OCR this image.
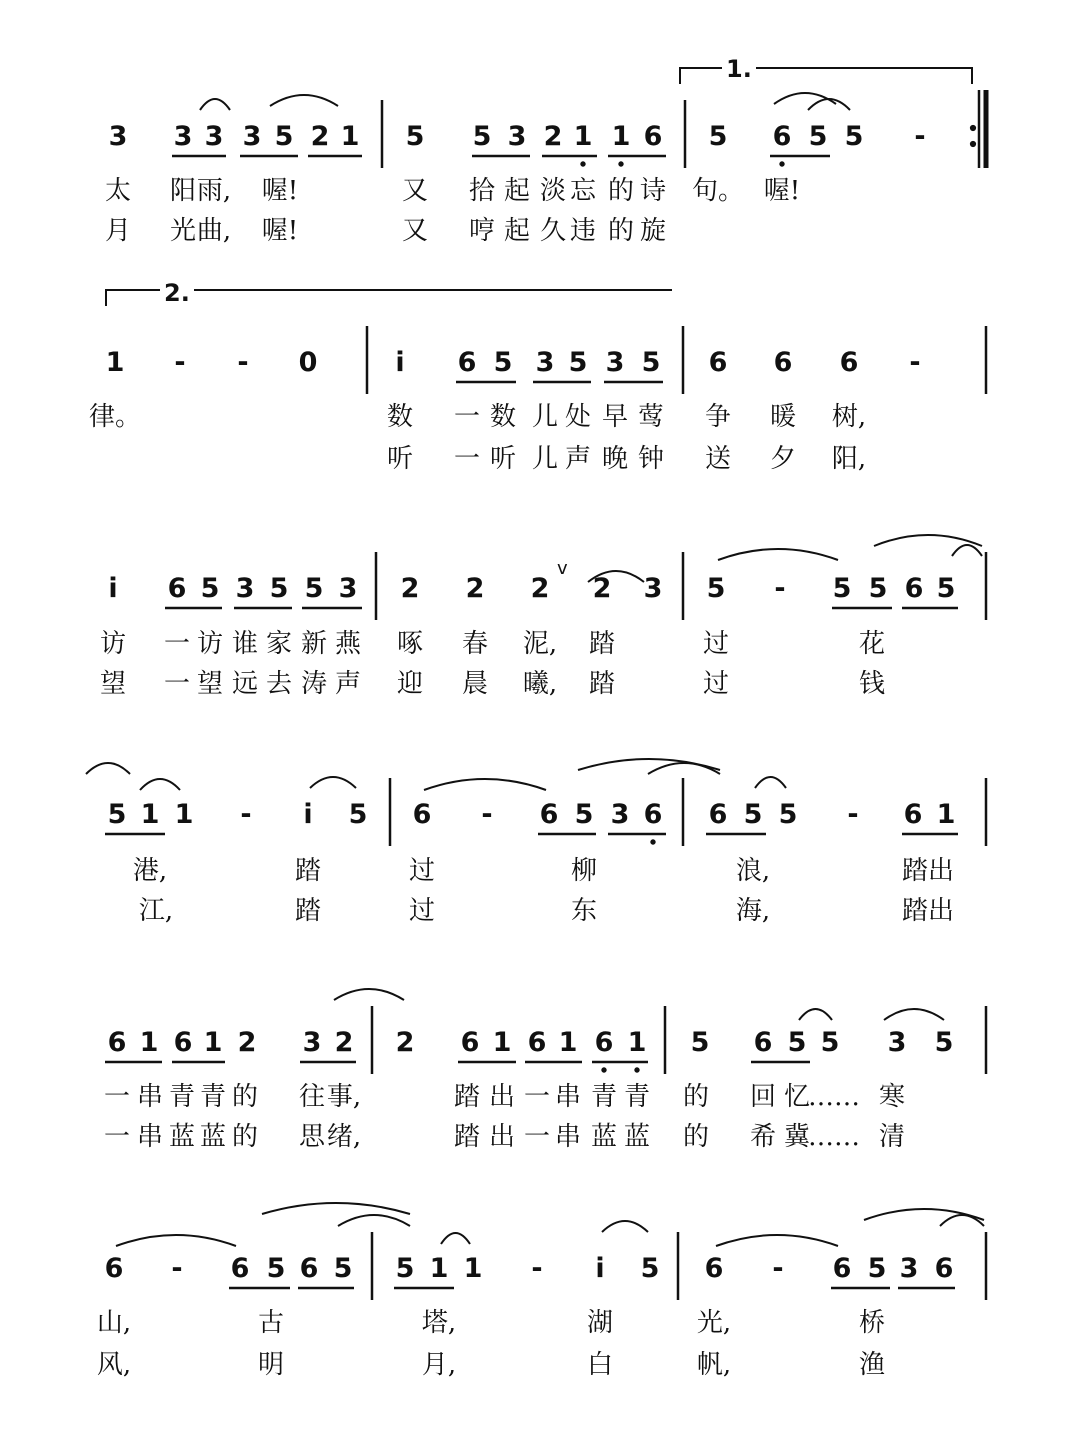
3 3 3 3 5 2 1 5 5 3 2 1 1 6 5 6 5 5 -
太 阳 雨, 喔!	又 拾 起 淡 忘 的 诗 句。 喔!
月 光 曲, 喔!	又 哼 起 久 违 的 旋
1 - - 0	i 6 5 3 5 3 5 6 6 6 -
律。	数 一 数 儿 处 早 莺 争 暖 树,
听 一 听 儿 声 晚 钟 送 夕 阳,
i 6 5 3 5 5 3 2 2 2 2 3 5 - 5 5 6 5
访 一 访 谁 家 新 燕 啄 春 泥, 踏	过	花
望 一 望 远 去 涛 声 迎 晨 曦, 踏	过	钱
5 1 1 - i 5 6 - 6 5 3 6 6 5 5 - 6 1
港,	踏	过	柳	浪,	踏出
江,	踏	过	东	海,	踏出
6 1 6 1 2 3 2 2 6 1 6 1 6 1 5 6 5 5 3 5
一 串 青 青 的 往 事,	踏 出 一 串 青 青 的 回 忆
…… 寒
一 串 蓝 蓝 的 思 绪,	踏 出 一 串 蓝 蓝 的 希 冀
…… 清
6 - 6 5 6 5 5 1 1 - i 5 6 - 6 5 3 6
山,	古	塔,	湖	光,	桥
风,	明	月,	白	帆,	渔
1.
2.
v
